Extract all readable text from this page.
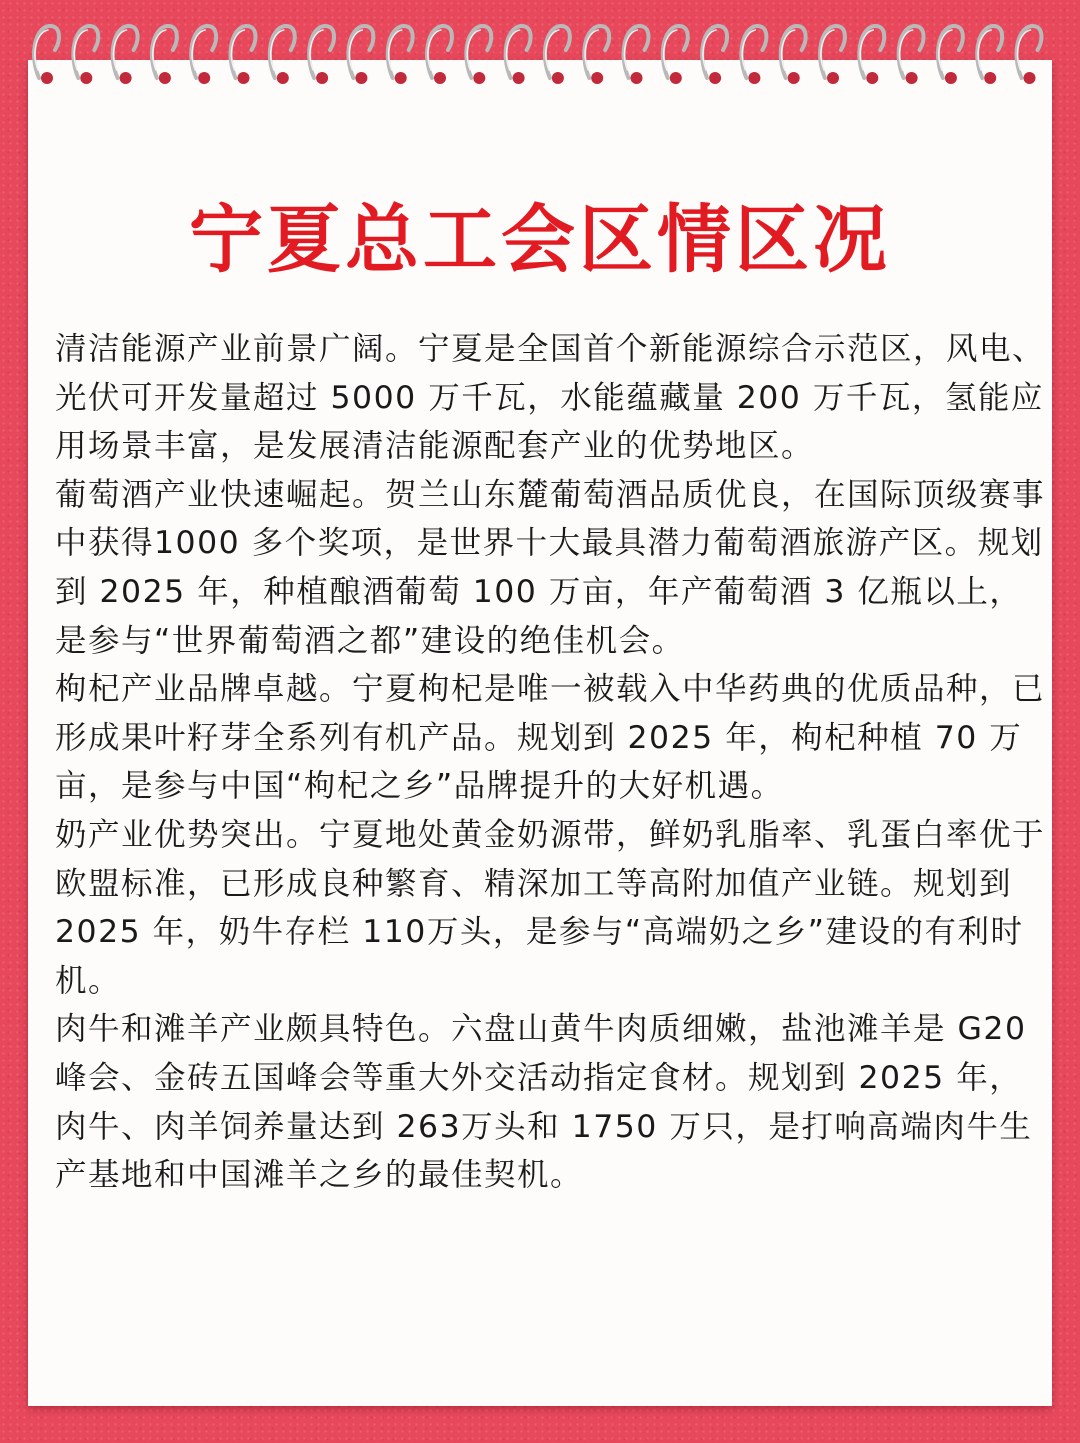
宁夏总工会区情区况

清洁能源产业前景广阔。宁夏是全国首个新能源综合示范区，风电、光伏可开发量超过 5000 万千瓦，水能蕴藏量 200 万千瓦，氢能应用场景丰富，是发展清洁能源配套产业的优势地区。

葡萄酒产业快速崛起。贺兰山东麓葡萄酒品质优良，在国际顶级赛事中获得1000 多个奖项，是世界十大最具潜力葡萄酒旅游产区。规划到 2025 年，种植酿酒葡萄 100 万亩，年产葡萄酒 3 亿瓶以上，是参与“世界葡萄酒之都”建设的绝佳机会。

枸杞产业品牌卓越。宁夏枸杞是唯一被载入中华药典的优质品种，已形成果叶籽芽全系列有机产品。规划到 2025 年，枸杞种植 70 万亩，是参与中国“枸杞之乡”品牌提升的大好机遇。

奶产业优势突出。宁夏地处黄金奶源带，鲜奶乳脂率、乳蛋白率优于欧盟标准，已形成良种繁育、精深加工等高附加值产业链。规划到 2025 年，奶牛存栏 110万头，是参与“高端奶之乡”建设的有利时机。

肉牛和滩羊产业颇具特色。六盘山黄牛肉质细嫩，盐池滩羊是 G20 峰会、金砖五国峰会等重大外交活动指定食材。规划到 2025 年，肉牛、肉羊饲养量达到 263万头和 1750 万只，是打响高端肉牛生产基地和中国滩羊之乡的最佳契机。
